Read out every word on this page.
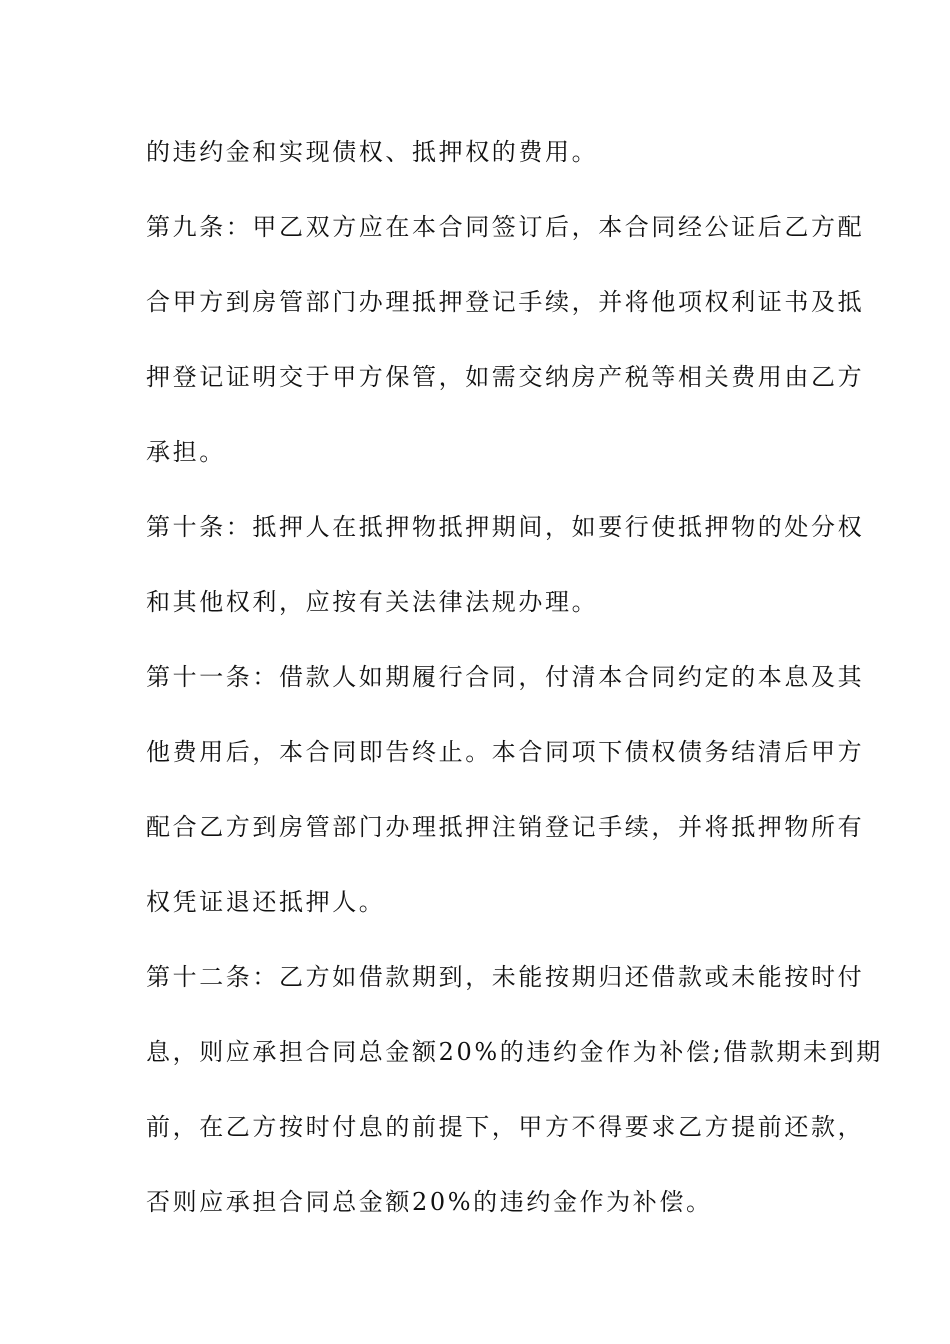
的违约金和实现债权、抵押权的费用。
第九条：甲乙双方应在本合同签订后，本合同经公证后乙方配
合甲方到房管部门办理抵押登记手续，并将他项权利证书及抵
押登记证明交于甲方保管，如需交纳房产税等相关费用由乙方
承担。
第十条：抵押人在抵押物抵押期间，如要行使抵押物的处分权
和其他权利，应按有关法律法规办理。
第十一条：借款人如期履行合同，付清本合同约定的本息及其
他费用后，本合同即告终止。本合同项下债权债务结清后甲方
配合乙方到房管部门办理抵押注销登记手续，并将抵押物所有
权凭证退还抵押人。
第十二条：乙方如借款期到，未能按期归还借款或未能按时付
息，则应承担合同总金额20%的违约金作为补偿;借款期未到期
前，在乙方按时付息的前提下，甲方不得要求乙方提前还款，
否则应承担合同总金额20%的违约金作为补偿。
